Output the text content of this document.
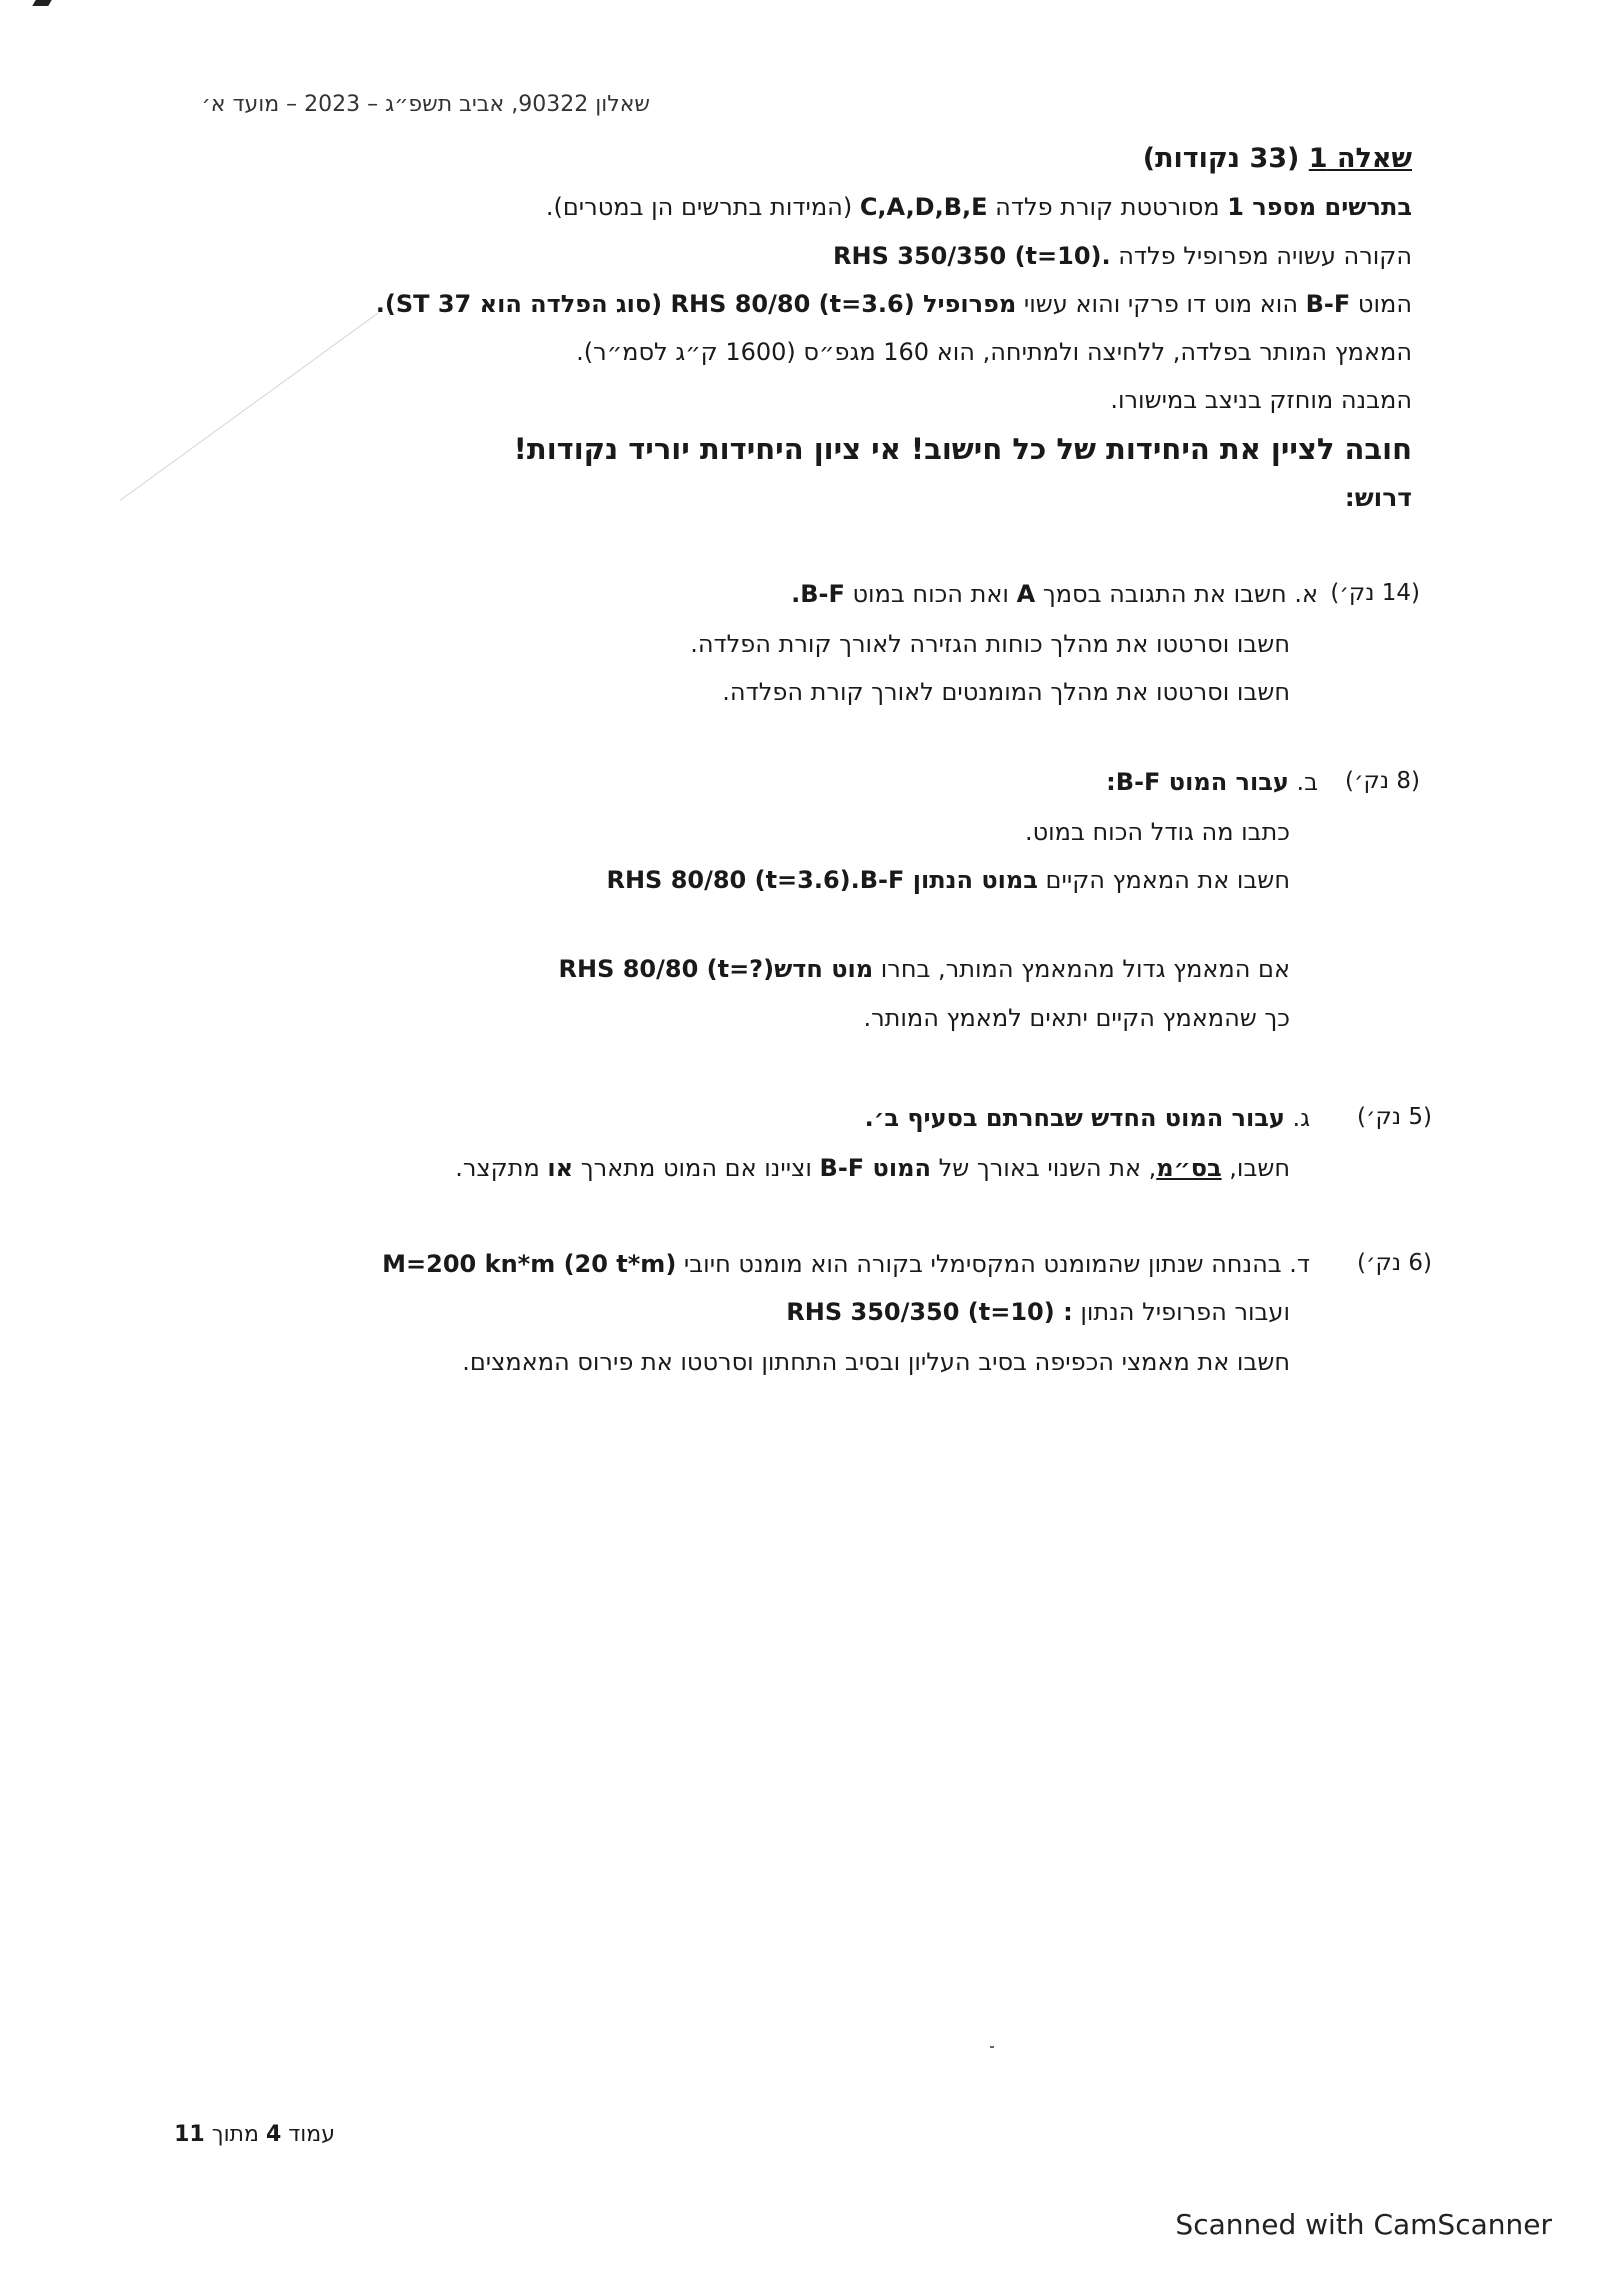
שאלון 90322, אביב תשפ״ג – 2023 – מועד א׳
שאלה 1 (33 נקודות)
בתרשים מספר 1 מסורטטת קורת פלדה C,A,D,B,E (המידות בתרשים הן במטרים).
הקורה עשויה מפרופיל פלדה RHS 350/350 (t=10).
המוט B-F הוא מוט דו פרקי והוא עשוי מפרופיל RHS 80/80 (t=3.6) (סוג הפלדה הוא ST 37).
המאמץ המותר בפלדה, ללחיצה ולמתיחה, הוא 160 מגפ״ס (1600 ק״ג לסמ״ר).
המבנה מוחזק בניצב במישורו.
חובה לציין את היחידות של כל חישוב! אי ציון היחידות יוריד נקודות!
דרוש:
(14 נק׳)
א. חשבו את התגובה בסמך A ואת הכוח במוט B-F.
חשבו וסרטטו את מהלך כוחות הגזירה לאורך קורת הפלדה.
חשבו וסרטטו את מהלך המומנטים לאורך קורת הפלדה.
(8 נק׳)
ב. עבור המוט B-F:
כתבו מה גודל הכוח במוט.
חשבו את המאמץ הקיים במוט הנתון B-F RHS 80/80 (t=3.6).
אם המאמץ גדול מהמאמץ המותר, בחרו מוט חדש RHS 80/80 (t=?)
כך שהמאמץ הקיים יתאים למאמץ המותר.
(5 נק׳)
ג. עבור המוט החדש שבחרתם בסעיף ב׳.
חשבו, בס״מ, את השנוי באורך של המוט B-F וציינו אם המוט מתארך או מתקצר.
(6 נק׳)
ד. בהנחה שנתון שהמומנט המקסימלי בקורה הוא מומנט חיובי M=200 kn*m (20 t*m)
ועבור הפרופיל הנתון RHS 350/350 (t=10) :
חשבו את מאמצי הכפיפה בסיב העליון ובסיב התחתון וסרטטו את פירוס המאמצים.
עמוד 4 מתוך 11
Scanned with CamScanner
